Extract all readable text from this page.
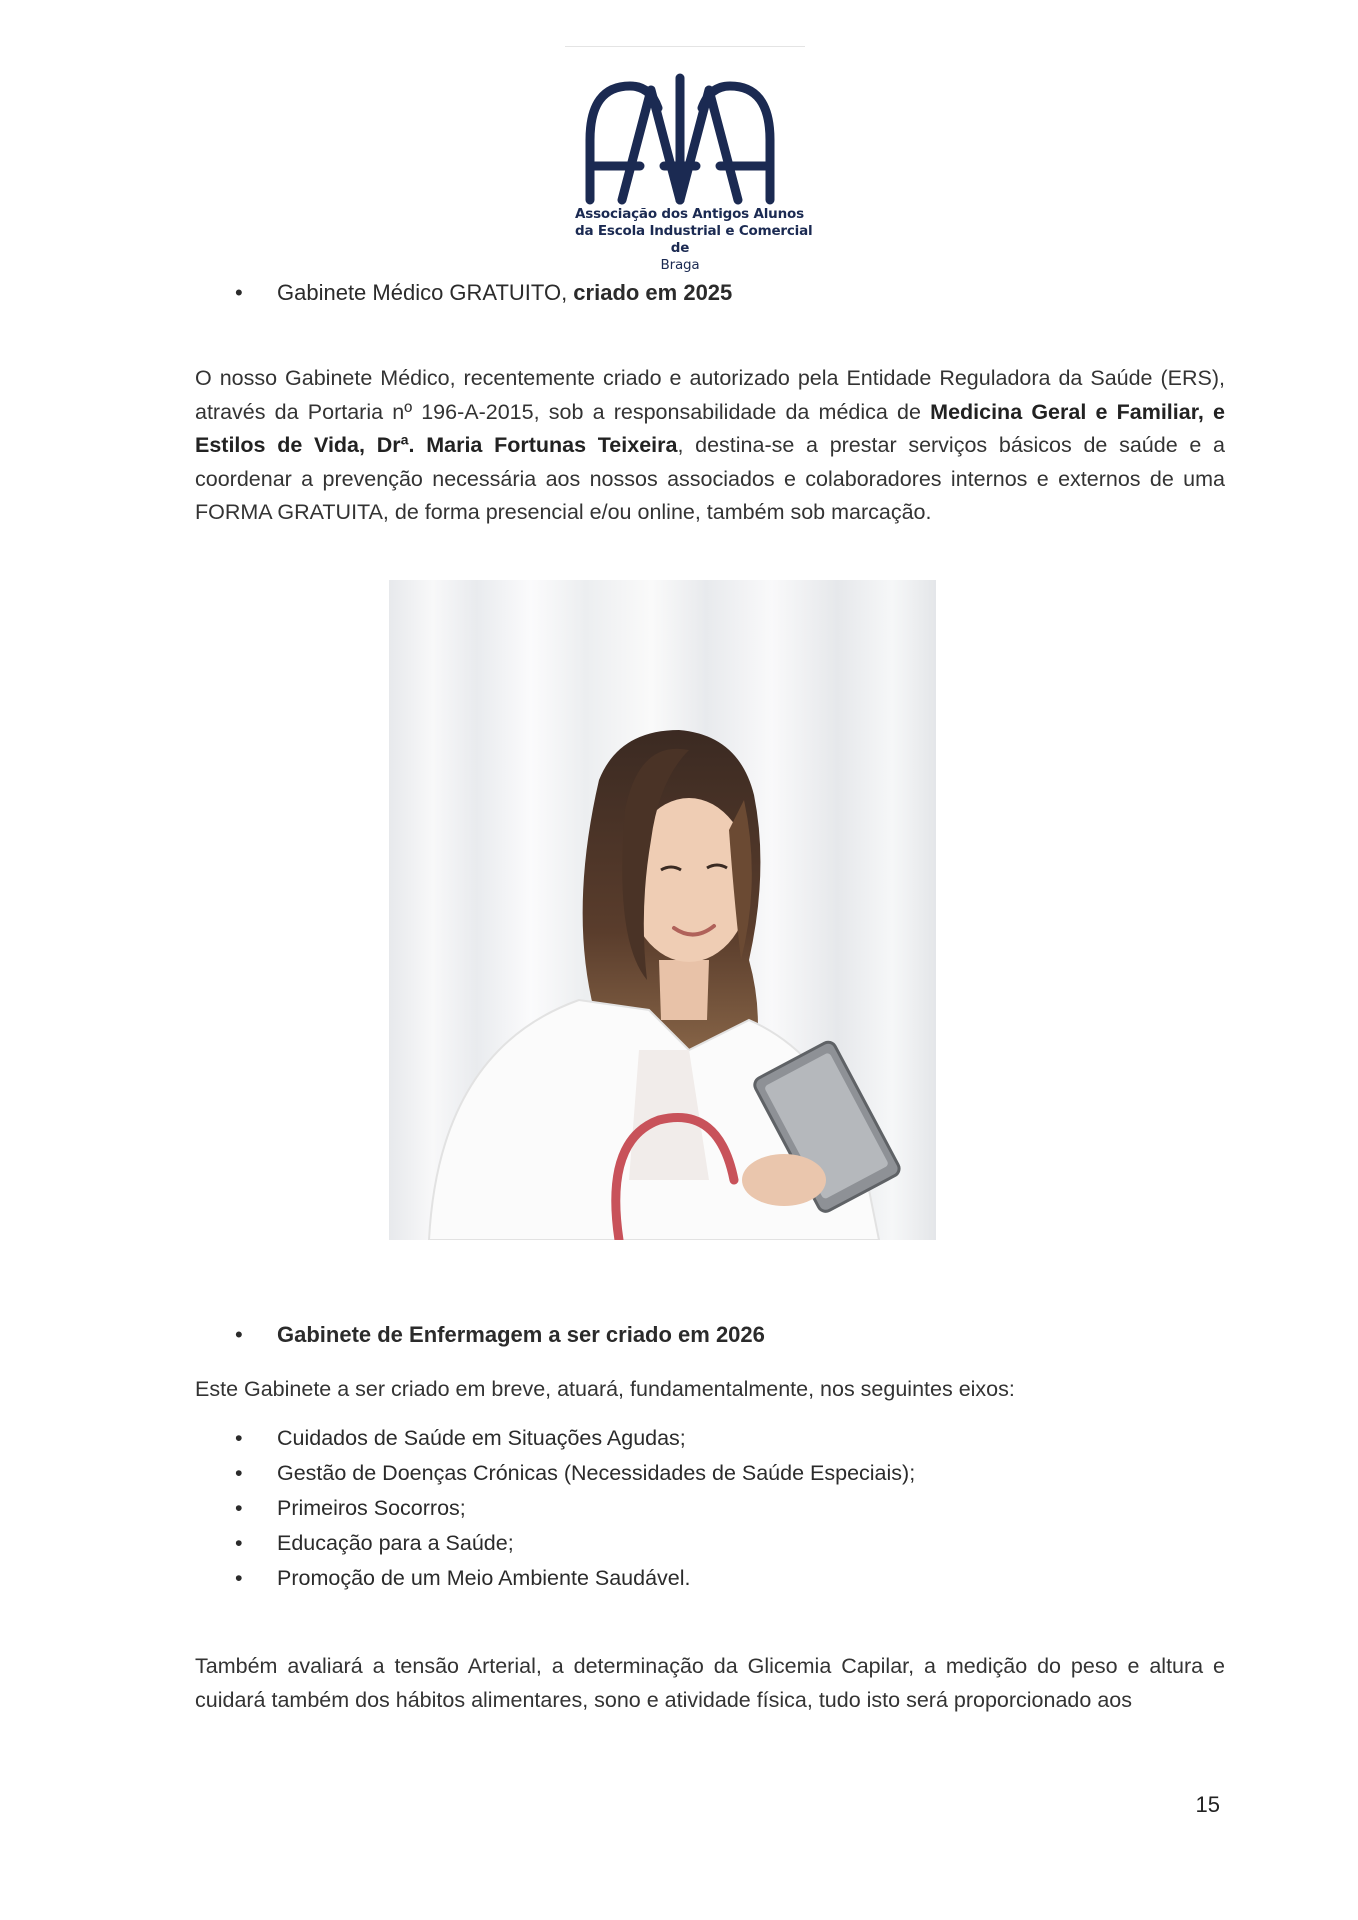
Associação dos Antigos Alunos
da Escola Industrial e Comercial
de
Braga
• Gabinete Médico GRATUITO, criado em 2025
O nosso Gabinete Médico, recentemente criado e autorizado pela Entidade Reguladora da Saúde (ERS), através da Portaria nº 196-A-2015, sob a responsabilidade da médica de Medicina Geral e Familiar, e Estilos de Vida, Drª. Maria Fortunas Teixeira, destina-se a prestar serviços básicos de saúde e a coordenar a prevenção necessária aos nossos associados e colaboradores internos e externos de uma FORMA GRATUITA, de forma presencial e/ou online, também sob marcação.
• Gabinete de Enfermagem a ser criado em 2026
Este Gabinete a ser criado em breve, atuará, fundamentalmente, nos seguintes eixos:
• Cuidados de Saúde em Situações Agudas;
• Gestão de Doenças Crónicas (Necessidades de Saúde Especiais);
• Primeiros Socorros;
• Educação para a Saúde;
• Promoção de um Meio Ambiente Saudável.
Também avaliará a tensão Arterial, a determinação da Glicemia Capilar, a medição do peso e altura e cuidará também dos hábitos alimentares, sono e atividade física, tudo isto será proporcionado aos
15
